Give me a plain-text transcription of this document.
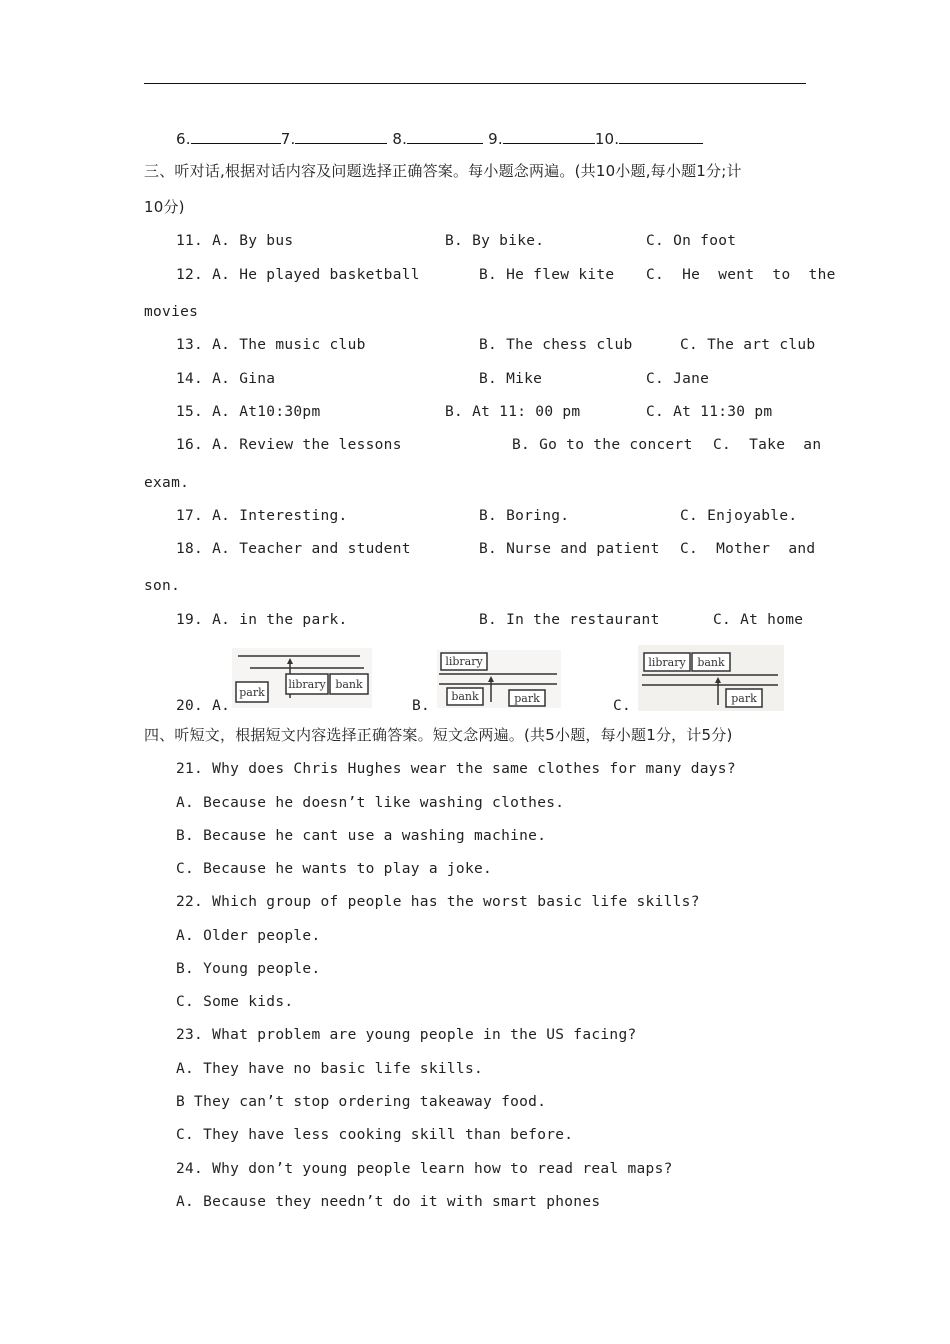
6.	7.	8.	9.	10.
三、听对话,根据对话内容及问题选择正确答案。每小题念两遍。(共10小题,每小题1分;计
10分)
11. A. By bus	B. By bike.	C. On foot
12. A. He played basketball	B. He flew kite C.  He  went  to  the
movies
13. A. The music club	B. The chess club	C. The art club
14. A. Gina	B. Mike	C. Jane
15. A. At10:30pm	B. At 11: 00 pm	C. At 11:30 pm
16. A. Review the lessons	B. Go to the concert C.  Take  an
exam.
17. A. Interesting.	B. Boring.	C. Enjoyable.
18. A. Teacher and student	B. Nurse and patient C.  Mother  and
son.
19. A. in the park.	B. In the restaurant	C. At home
20. A.
park
library bank
B.
library
bank	park	C.
library bank
park
四、听短文，根据短文内容选择正确答案。短文念两遍。(共5小题，每小题1分，计5分)
21. Why does Chris Hughes wear the same clothes for many days?
A. Because he doesn’t like washing clothes.
B. Because he cant use a washing machine.
C. Because he wants to play a joke.
22. Which group of people has the worst basic life skills?
A. Older people.
B. Young people.
C. Some kids.
23. What problem are young people in the US facing?
A. They have no basic life skills.
B They can’t stop ordering takeaway food.
C. They have less cooking skill than before.
24. Why don’t young people learn how to read real maps?
A. Because they needn’t do it with smart phones
